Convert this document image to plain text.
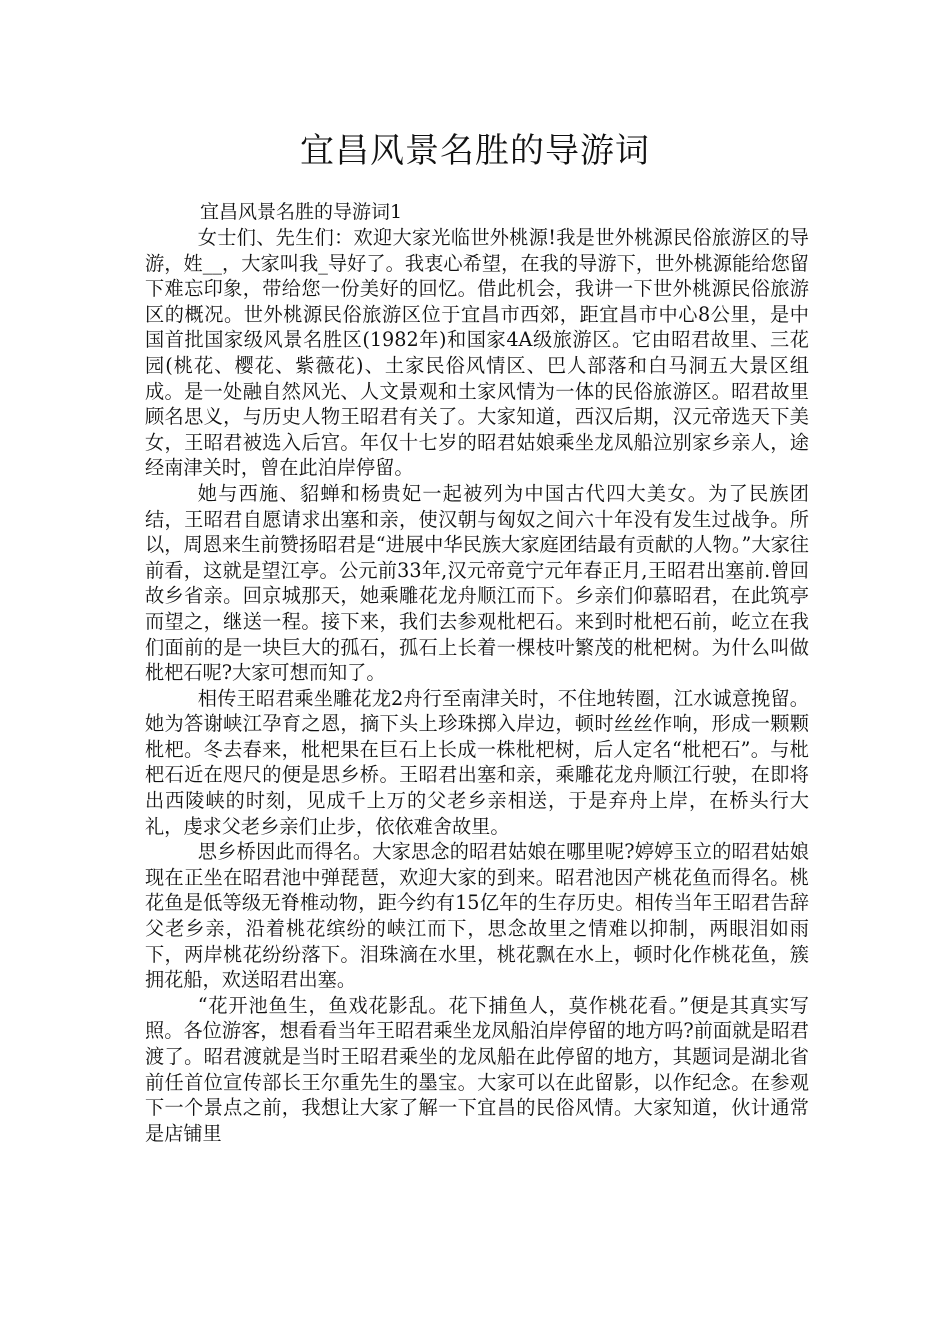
宜昌风景名胜的导游词

宜昌风景名胜的导游词1

女士们、先生们：欢迎大家光临世外桃源!我是世外桃源民俗旅游区的导游，姓__，大家叫我_导好了。我衷心希望，在我的导游下，世外桃源能给您留下难忘印象，带给您一份美好的回忆。借此机会，我讲一下世外桃源民俗旅游区的概况。世外桃源民俗旅游区位于宜昌市西郊，距宜昌市中心8公里，是中国首批国家级风景名胜区(1982年)和国家4A级旅游区。它由昭君故里、三花园(桃花、樱花、紫薇花)、土家民俗风情区、巴人部落和白马洞五大景区组成。是一处融自然风光、人文景观和土家风情为一体的民俗旅游区。昭君故里顾名思义，与历史人物王昭君有关了。大家知道，西汉后期，汉元帝选天下美女，王昭君被选入后宫。年仅十七岁的昭君姑娘乘坐龙凤船泣别家乡亲人，途经南津关时，曾在此泊岸停留。

她与西施、貂蝉和杨贵妃一起被列为中国古代四大美女。为了民族团结，王昭君自愿请求出塞和亲，使汉朝与匈奴之间六十年没有发生过战争。所以，周恩来生前赞扬昭君是“进展中华民族大家庭团结最有贡献的人物。”大家往前看，这就是望江亭。公元前33年,汉元帝竟宁元年春正月,王昭君出塞前.曾回故乡省亲。回京城那天，她乘雕花龙舟顺江而下。乡亲们仰慕昭君，在此筑亭而望之，继送一程。接下来，我们去参观枇杷石。来到时枇杷石前，屹立在我们面前的是一块巨大的孤石，孤石上长着一棵枝叶繁茂的枇杷树。为什么叫做枇杷石呢?大家可想而知了。

相传王昭君乘坐雕花龙2舟行至南津关时，不住地转圈，江水诚意挽留。她为答谢峡江孕育之恩，摘下头上珍珠掷入岸边，顿时丝丝作响，形成一颗颗枇杷。冬去春来，枇杷果在巨石上长成一株枇杷树，后人定名“枇杷石”。与枇杷石近在咫尺的便是思乡桥。王昭君出塞和亲，乘雕花龙舟顺江行驶，在即将出西陵峡的时刻，见成千上万的父老乡亲相送，于是弃舟上岸，在桥头行大礼，虔求父老乡亲们止步，依依难舍故里。

思乡桥因此而得名。大家思念的昭君姑娘在哪里呢?婷婷玉立的昭君姑娘现在正坐在昭君池中弹琵琶，欢迎大家的到来。昭君池因产桃花鱼而得名。桃花鱼是低等级无脊椎动物，距今约有15亿年的生存历史。相传当年王昭君告辞父老乡亲，沿着桃花缤纷的峡江而下，思念故里之情难以抑制，两眼泪如雨下，两岸桃花纷纷落下。泪珠滴在水里，桃花飘在水上，顿时化作桃花鱼，簇拥花船，欢送昭君出塞。

“花开池鱼生，鱼戏花影乱。花下捕鱼人，莫作桃花看。”便是其真实写照。各位游客，想看看当年王昭君乘坐龙凤船泊岸停留的地方吗?前面就是昭君渡了。昭君渡就是当时王昭君乘坐的龙凤船在此停留的地方，其题词是湖北省前任首位宣传部长王尔重先生的墨宝。大家可以在此留影，以作纪念。在参观下一个景点之前，我想让大家了解一下宜昌的民俗风情。大家知道，伙计通常是店铺里
